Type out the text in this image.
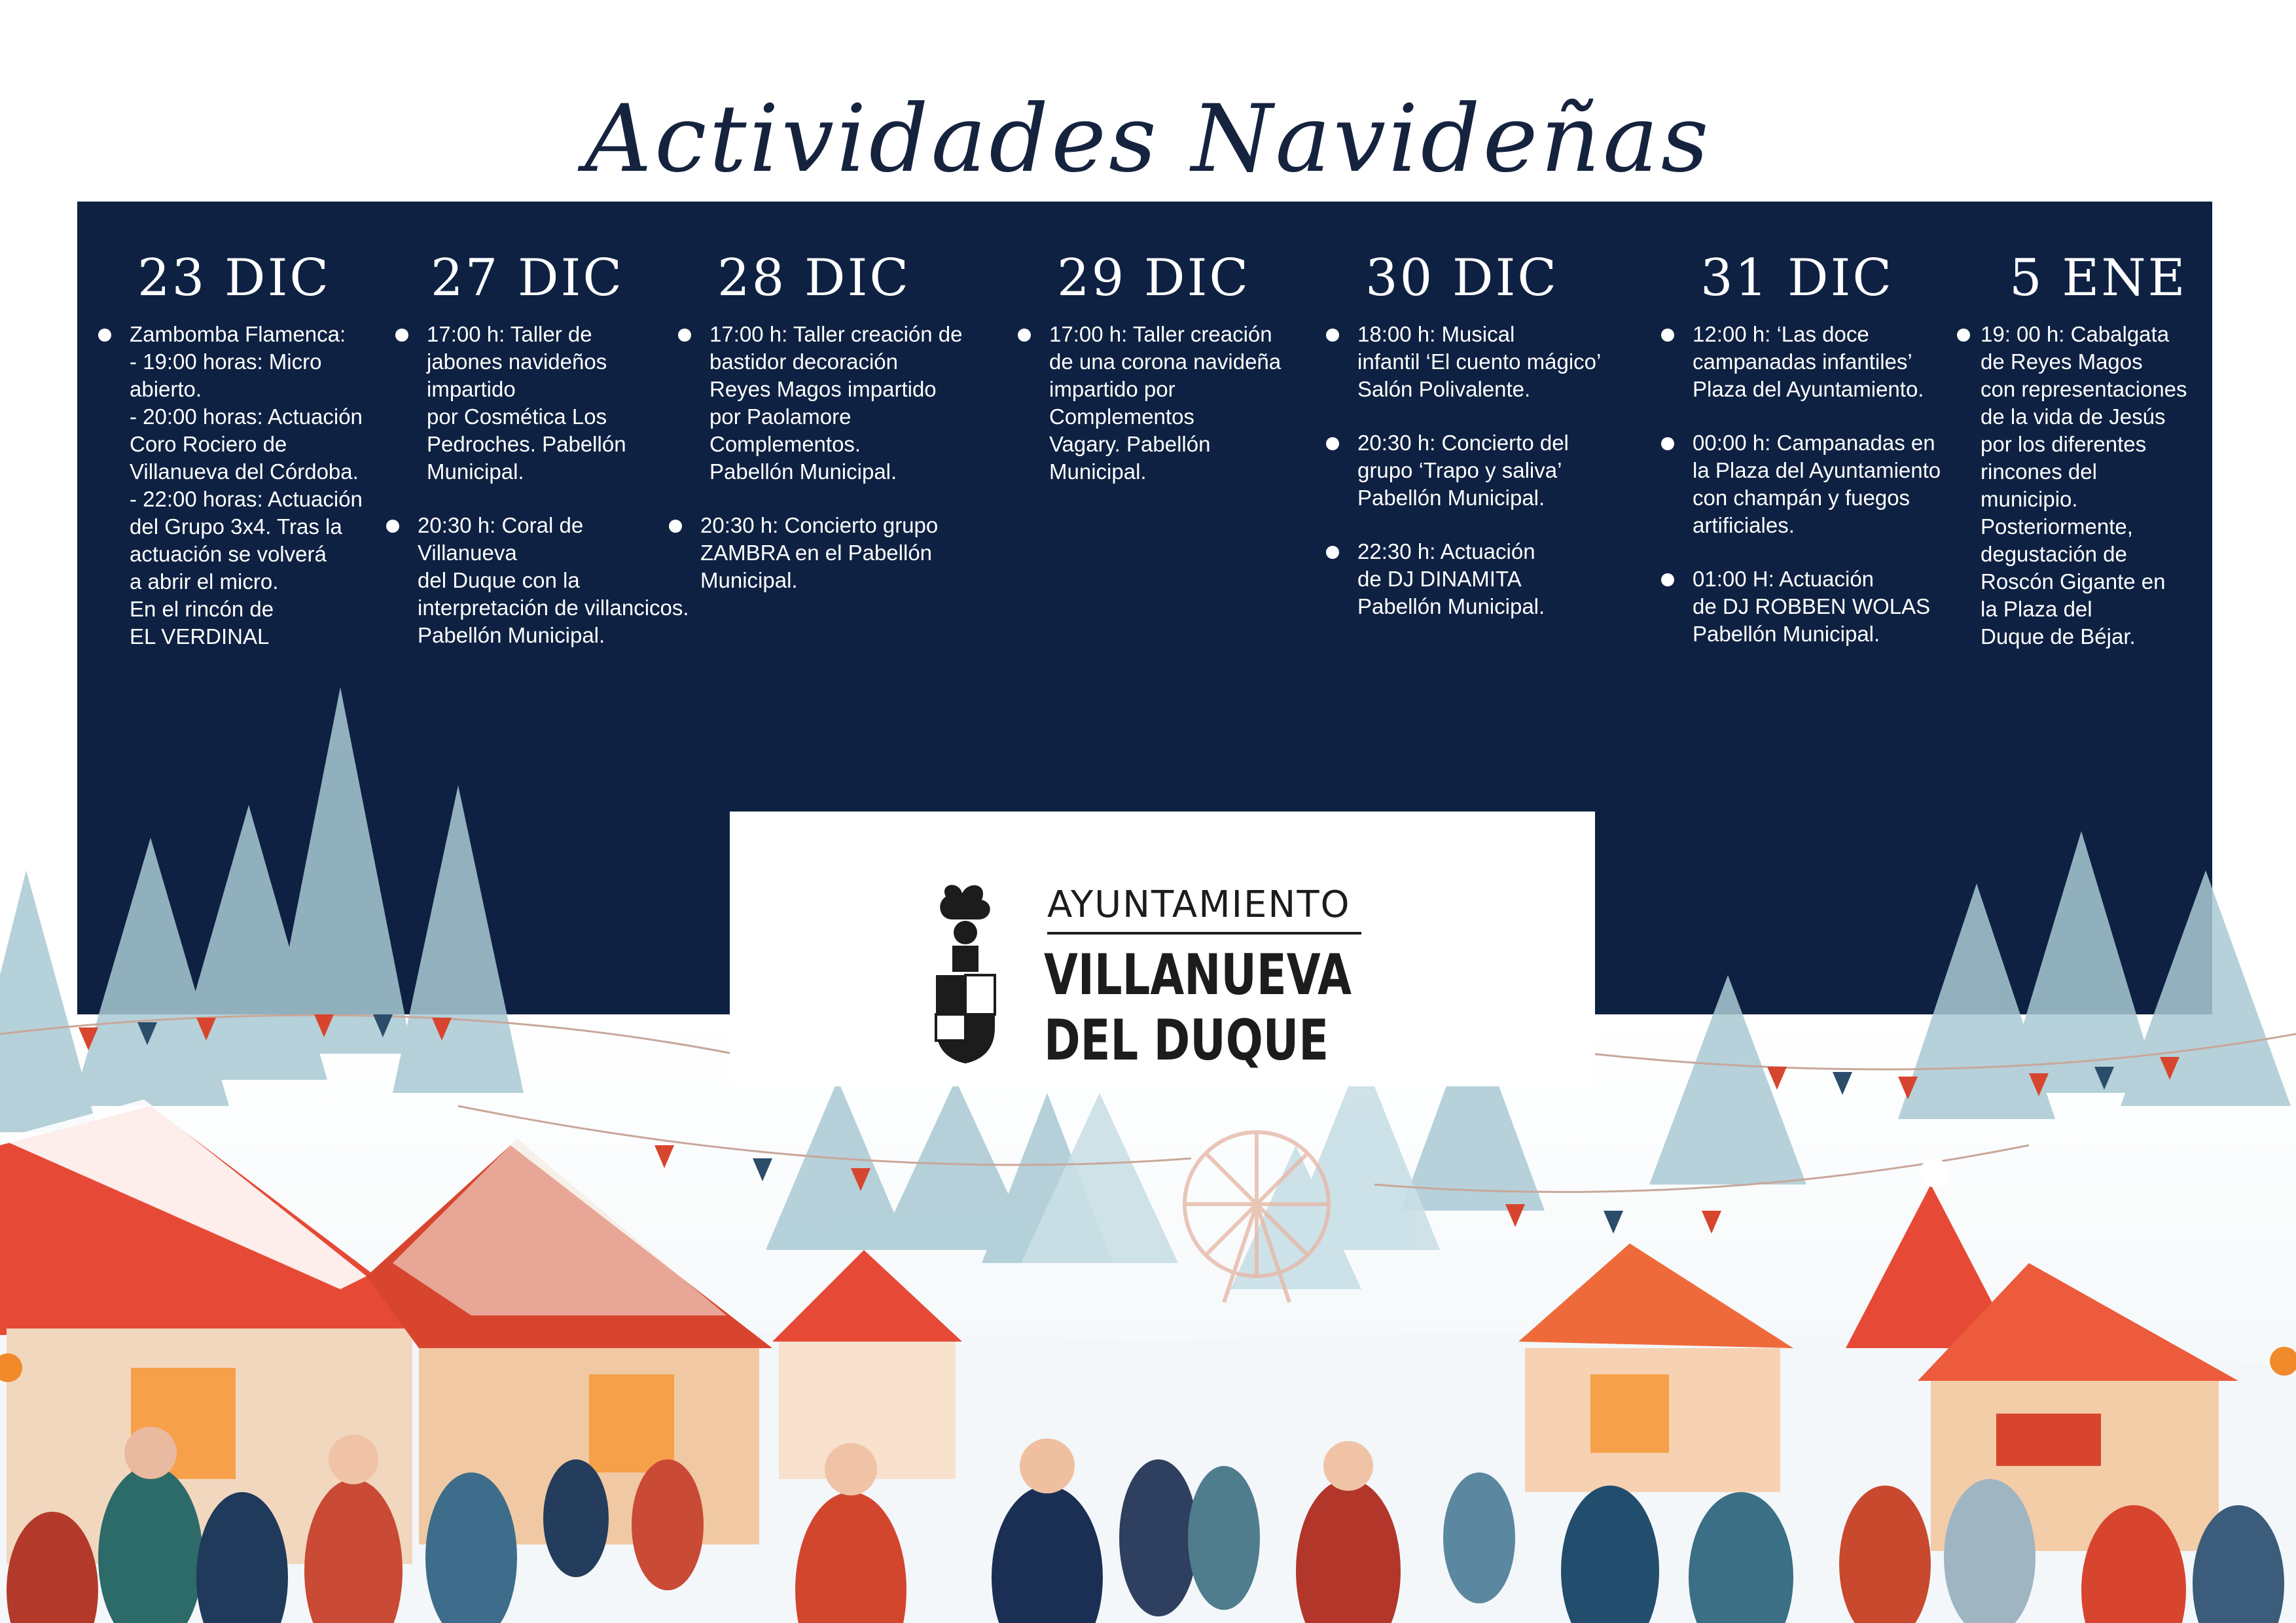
Actividades Navideñas
23 DIC
Zambomba Flamenca:
- 19:00 horas: Micro
abierto.
- 20:00 horas: Actuación
Coro Rociero de
Villanueva del Córdoba.
- 22:00 horas: Actuación
del Grupo 3x4. Tras la
actuación se volverá
a abrir el micro.
En el rincón de
EL VERDINAL
27 DIC
17:00 h: Taller de
jabones navideños
impartido
por Cosmética Los
Pedroches. Pabellón
Municipal.
20:30 h: Coral de
Villanueva
del Duque con la
interpretación de villancicos.
Pabellón Municipal.
28 DIC
17:00 h: Taller creación de
bastidor decoración
Reyes Magos impartido
por Paolamore
Complementos.
Pabellón Municipal.
20:30 h: Concierto grupo
ZAMBRA en el Pabellón
Municipal.
29 DIC
17:00 h: Taller creación
de una corona navideña
impartido por
Complementos
Vagary. Pabellón
Municipal.
30 DIC
18:00 h: Musical
infantil ‘El cuento mágico’
Salón Polivalente.
20:30 h: Concierto del
grupo ‘Trapo y saliva’
Pabellón Municipal.
22:30 h: Actuación
de DJ DINAMITA
Pabellón Municipal.
31 DIC
12:00 h: ‘Las doce
campanadas infantiles’
Plaza del Ayuntamiento.
00:00 h: Campanadas en
la Plaza del Ayuntamiento
con champán y fuegos
artificiales.
01:00 H: Actuación
de DJ ROBBEN WOLAS
Pabellón Municipal.
5 ENE
19: 00 h: Cabalgata
de Reyes Magos
con representaciones
de la vida de Jesús
por los diferentes
rincones del
municipio.
Posteriormente,
degustación de
Roscón Gigante en
la Plaza del
Duque de Béjar.
AYUNTAMIENTO
VILLANUEVA
DEL DUQUE
